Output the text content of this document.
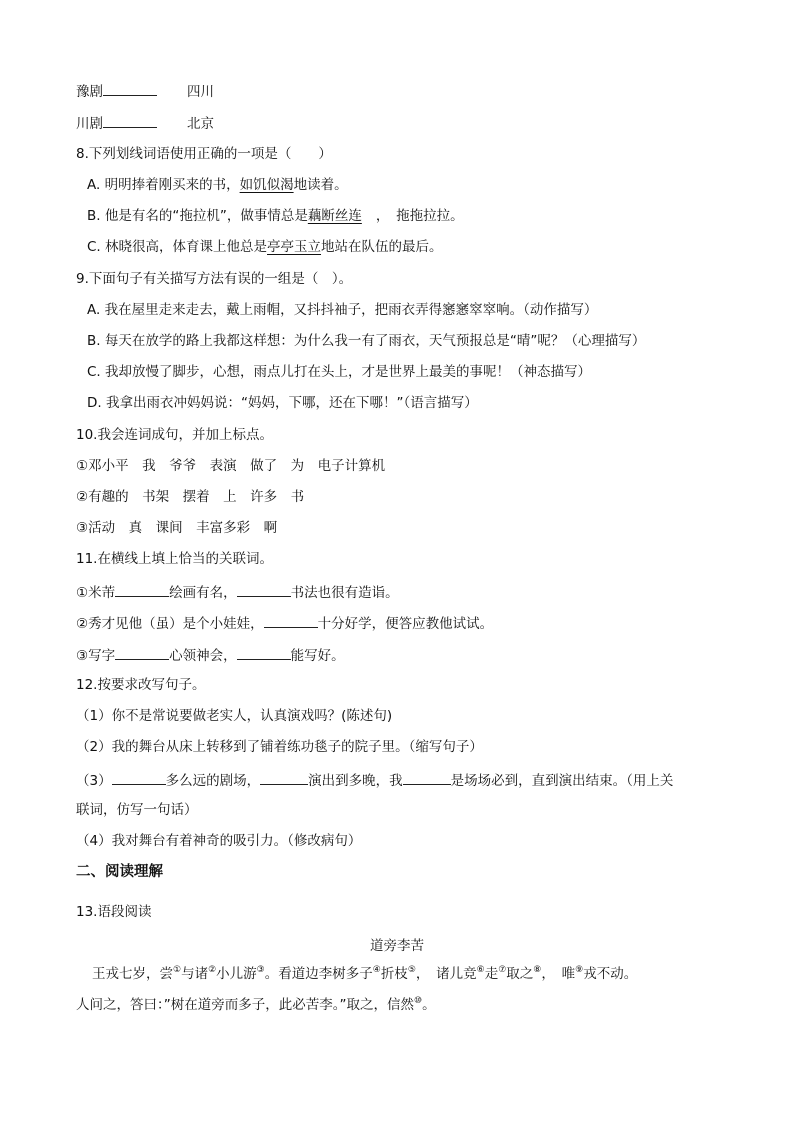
豫剧	四川
川剧	北京
8.下列划线词语使用正确的一项是（　　）
A. 明明捧着刚买来的书，如饥似渴地读着。
B. 他是有名的“拖拉机”，做事情总是藕断丝连 ，　拖拖拉拉。
C. 林晓很高，体育课上他总是亭亭玉立地站在队伍的最后。
9.下面句子有关描写方法有误的一组是（　）。
A. 我在屋里走来走去，戴上雨帽，又抖抖袖子，把雨衣弄得窸窸窣窣响。（动作描写）
B. 每天在放学的路上我都这样想：为什么我一有了雨衣，天气预报总是“晴”呢？（心理描写）
C. 我却放慢了脚步，心想，雨点儿打在头上，才是世界上最美的事呢！（神态描写）
D. 我拿出雨衣冲妈妈说：“妈妈，下哪，还在下哪！”（语言描写）
10.我会连词成句，并加上标点。
①邓小平　我　爷爷　表演　做了　为　电子计算机
②有趣的　书架　摆着　上　许多　书
③活动　真　课间　丰富多彩　啊
11.在横线上填上恰当的关联词。
①米芾	绘画有名，	书法也很有造诣。
②秀才见他（虽）是个小娃娃，	十分好学，便答应教他试试。
③写字	心领神会，	能写好。
12.按要求改写句子。
（1）你不是常说要做老实人，认真演戏吗？(陈述句)
（2）我的舞台从床上转移到了铺着练功毯子的院子里。（缩写句子）
（3）	多么远的剧场，	演出到多晚，我	是场场必到，直到演出结束。（用上关
联词，仿写一句话）
（4）我对舞台有着神奇的吸引力。（修改病句）
二、阅读理解
13.语段阅读
道旁李苦
王戎七岁，尝①与诸②小儿游③。看道边李树多子④折枝⑤，　诸儿竞⑥走⑦取之⑧，　唯⑨戎不动。
人问之，答曰：”树在道旁而多子，此必苦李。”取之，信然⑩。
